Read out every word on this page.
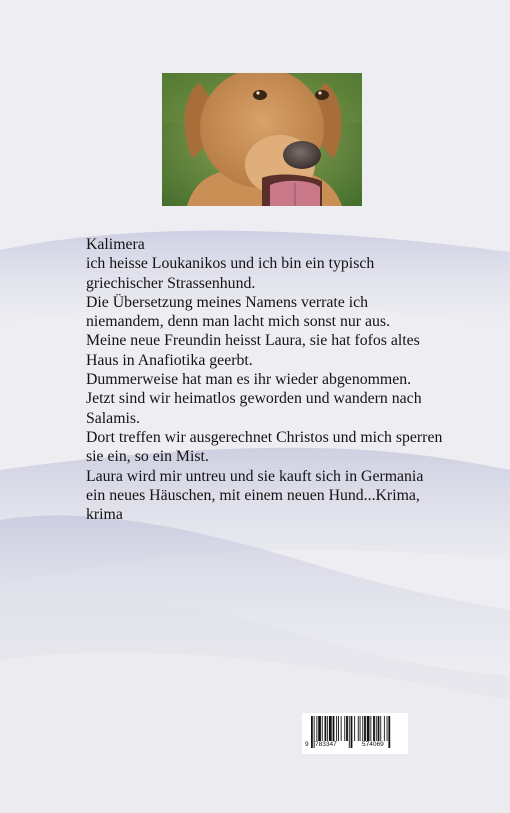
Kalimera

ich heisse Loukanikos und ich bin ein typisch griechischer Strassenhund.

Die Übersetzung meines Namens verrate ich niemandem, denn man lacht mich sonst nur aus.

Meine neue Freundin heisst Laura, sie hat fofos altes Haus in Anafiotika geerbt.

Dummerweise hat man es ihr wieder abgenommen.

Jetzt sind wir heimatlos geworden und wandern nach Salamis.

Dort treffen wir ausgerechnet Christos und mich sperren sie ein, so ein Mist.

Laura wird mir untreu und sie kauft sich in Germania ein neues Häuschen, mit einem neuen Hund...Krima, krima

9 783347	574069
